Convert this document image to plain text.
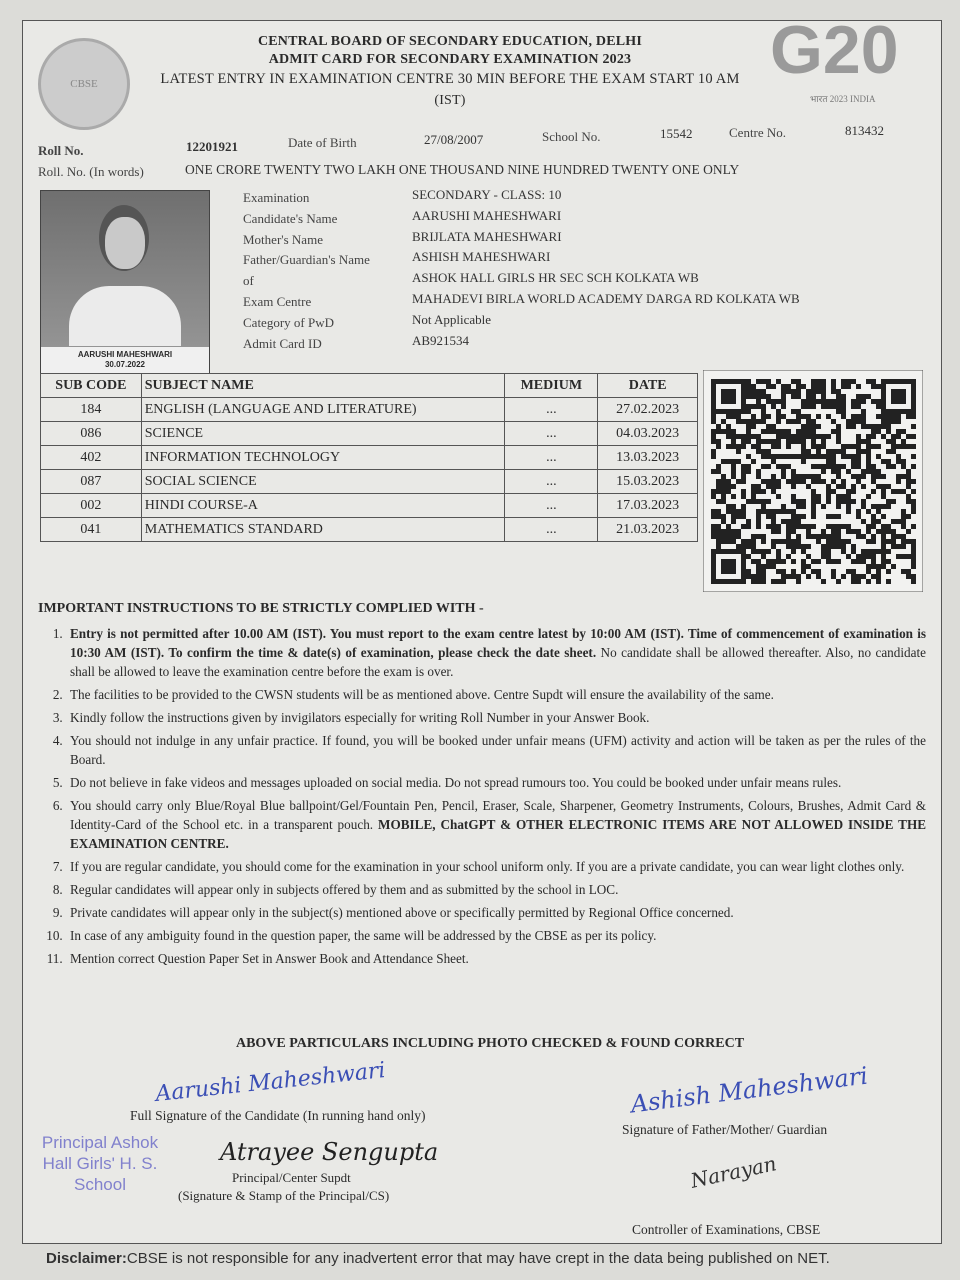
CBSE	G20
भारत 2023 INDIA
CENTRAL BOARD OF SECONDARY EDUCATION, DELHI
ADMIT CARD FOR SECONDARY EXAMINATION 2023
LATEST ENTRY IN EXAMINATION CENTRE 30 MIN BEFORE THE EXAM START 10 AM
(IST)
Roll No.	12201921	Date of Birth	27/08/2007	School No.	15542	Centre No.	813432
Roll. No. (In words)	ONE CRORE TWENTY TWO LAKH ONE THOUSAND NINE HUNDRED TWENTY ONE ONLY
AARUSHI MAHESHWARI
30.07.2022
Examination	SECONDARY - CLASS: 10
Candidate's Name	AARUSHI MAHESHWARI
Mother's Name	BRIJLATA MAHESHWARI
Father/Guardian's Name	ASHISH MAHESHWARI
of	ASHOK HALL GIRLS HR SEC SCH KOLKATA WB
Exam Centre	MAHADEVI BIRLA WORLD ACADEMY DARGA RD KOLKATA WB
Category of PwD	Not Applicable
Admit Card ID	AB921534
SUB CODE	SUBJECT NAME	MEDIUM	DATE
184	ENGLISH (LANGUAGE AND LITERATURE)	...	27.02.2023
086	SCIENCE	...	04.03.2023
402	INFORMATION TECHNOLOGY	...	13.03.2023
087	SOCIAL SCIENCE	...	15.03.2023
002	HINDI COURSE-A	...	17.03.2023
041	MATHEMATICS STANDARD	...	21.03.2023
IMPORTANT INSTRUCTIONS TO BE STRICTLY COMPLIED WITH -
1. Entry is not permitted after 10.00 AM (IST). You must report to the exam centre latest by 10:00 AM (IST). Time of commencement of examination is 10:30 AM (IST). To confirm the time & date(s) of examination, please check the date sheet. No candidate shall be allowed thereafter. Also, no candidate shall be allowed to leave the examination centre before the exam is over.
2. The facilities to be provided to the CWSN students will be as mentioned above. Centre Supdt will ensure the availability of the same.
3. Kindly follow the instructions given by invigilators especially for writing Roll Number in your Answer Book.
4. You should not indulge in any unfair practice. If found, you will be booked under unfair means (UFM) activity and action will be taken as per the rules of the Board.
5. Do not believe in fake videos and messages uploaded on social media. Do not spread rumours too. You could be booked under unfair means rules.
6. You should carry only Blue/Royal Blue ballpoint/Gel/Fountain Pen, Pencil, Eraser, Scale, Sharpener, Geometry Instruments, Colours, Brushes, Admit Card & Identity-Card of the School etc. in a transparent pouch. MOBILE, ChatGPT & OTHER ELECTRONIC ITEMS ARE NOT ALLOWED INSIDE THE EXAMINATION CENTRE.
7. If you are regular candidate, you should come for the examination in your school uniform only. If you are a private candidate, you can wear light clothes only.
8. Regular candidates will appear only in subjects offered by them and as submitted by the school in LOC.
9. Private candidates will appear only in the subject(s) mentioned above or specifically permitted by Regional Office concerned.
10. In case of any ambiguity found in the question paper, the same will be addressed by the CBSE as per its policy.
11. Mention correct Question Paper Set in Answer Book and Attendance Sheet.
ABOVE PARTICULARS INCLUDING PHOTO CHECKED & FOUND CORRECT
Aarushi Maheshwari
Full Signature of the Candidate (In running hand only)	Ashish Maheshwari
Signature of Father/Mother/ Guardian
Atrayee Sengupta
Principal/Center Supdt
(Signature & Stamp of the Principal/CS)
Principal Ashok Hall Girls' H. S. School	Narayan
Controller of Examinations, CBSE
Disclaimer:CBSE is not responsible for any inadvertent error that may have crept in the data being published on NET.
